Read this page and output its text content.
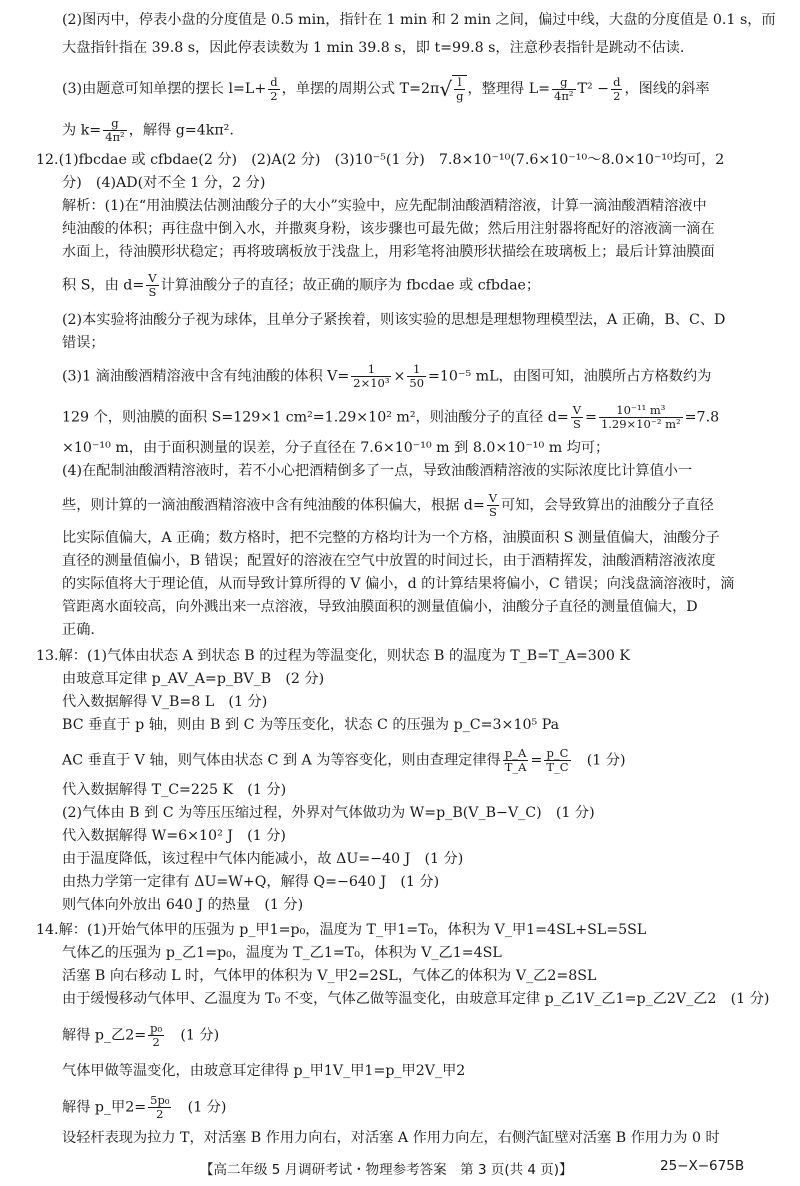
(2)图丙中，停表小盘的分度值是 0.5 min，指针在 1 min 和 2 min 之间，偏过中线，大盘的分度值是 0.1 s，而
大盘指针指在 39.8 s，因此停表读数为 1 min 39.8 s，即 t=99.8 s，注意秒表指针是跳动不估读.
(3)由题意可知单摆的摆长 $l=L+ \frac{d}{2}$ ，单摆的周期公式 $T=2\pi√ \frac{l}{g}$ ，整理得 $L= \frac{g}{\text{4π²}} T^2 - \frac{d}{2}$ ，图线的斜率
为 $k= \frac{g}{\text{4π²}}$ ，解得 g=4kπ².
12.(1)fbcdae 或 cfbdae(2 分)　(2)A(2 分)　(3)10⁻⁵(1 分)　7.8×10⁻¹⁰(7.6×10⁻¹⁰～8.0×10⁻¹⁰均可，2
分)　(4)AD(对不全 1 分，2 分)
解析：(1)在“用油膜法估测油酸分子的大小”实验中，应先配制油酸酒精溶液，计算一滴油酸酒精溶液中
纯油酸的体积；再往盘中倒入水，并撒爽身粉，该步骤也可最先做；然后用注射器将配好的溶液滴一滴在
水面上，待油膜形状稳定；再将玻璃板放于浅盘上，用彩笔将油膜形状描绘在玻璃板上；最后计算油膜面
积 S，由 $d= \frac{V}{S}$ 计算油酸分子的直径；故正确的顺序为 fbcdae 或 cfbdae；
(2)本实验将油酸分子视为球体，且单分子紧挨着，则该实验的思想是理想物理模型法，A 正确，B、C、D
错误；
(3)1 滴油酸酒精溶液中含有纯油酸的体积 $V= \frac{1}{\text{2×10³}} \times \frac{1}{50} =10^{-5}$ mL，由图可知，油膜所占方格数约为
129 个，则油膜的面积 S=129×1 cm²=1.29×10² m²，则油酸分子的直径 $d= \frac{V}{S} = \frac{\text{10⁻¹¹ m³}}{\text{1.29×10⁻² m²}} =7.8$
×10⁻¹⁰ m，由于面积测量的误差，分子直径在 7.6×10⁻¹⁰ m 到 8.0×10⁻¹⁰ m 均可；
(4)在配制油酸酒精溶液时，若不小心把酒精倒多了一点，导致油酸酒精溶液的实际浓度比计算值小一
些，则计算的一滴油酸酒精溶液中含有纯油酸的体积偏大，根据 $d= \frac{V}{S}$ 可知，会导致算出的油酸分子直径
比实际值偏大，A 正确；数方格时，把不完整的方格均计为一个方格，油膜面积 S 测量值偏大，油酸分子
直径的测量值偏小，B 错误；配置好的溶液在空气中放置的时间过长，由于酒精挥发，油酸酒精溶液浓度
的实际值将大于理论值，从而导致计算所得的 V 偏小，d 的计算结果将偏小，C 错误；向浅盘滴溶液时，滴
管距离水面较高，向外溅出来一点溶液，导致油膜面积的测量值偏小，油酸分子直径的测量值偏大，D
正确.
13.解：(1)气体由状态 A 到状态 B 的过程为等温变化，则状态 B 的温度为 T_B=T_A=300 K
由玻意耳定律 p_AV_A=p_BV_B　(2 分)
代入数据解得 V_B=8 L　(1 分)
BC 垂直于 p 轴，则由 B 到 C 为等压变化，状态 C 的压强为 p_C=3×10⁵ Pa
AC 垂直于 V 轴，则气体由状态 C 到 A 为等容变化，则由查理定律得 $\frac{p\_A}{T\_A} = \frac{p\_C}{T\_C}$ 　(1 分)
代入数据解得 T_C=225 K　(1 分)
(2)气体由 B 到 C 为等压压缩过程，外界对气体做功为 W=p_B(V_B−V_C)　(1 分)
代入数据解得 W=6×10² J　(1 分)
由于温度降低，该过程中气体内能减小，故 ΔU=−40 J　(1 分)
由热力学第一定律有 ΔU=W+Q，解得 Q=−640 J　(1 分)
则气体向外放出 640 J 的热量　(1 分)
14.解：(1)开始气体甲的压强为 p_甲1=p₀，温度为 T_甲1=T₀，体积为 V_甲1=4SL+SL=5SL
气体乙的压强为 p_乙1=p₀，温度为 T_乙1=T₀，体积为 V_乙1=4SL
活塞 B 向右移动 L 时，气体甲的体积为 V_甲2=2SL，气体乙的体积为 V_乙2=8SL
由于缓慢移动气体甲、乙温度为 T₀ 不变，气体乙做等温变化，由玻意耳定律 p_乙1V_乙1=p_乙2V_乙2　(1 分)
解得 p_乙$2= \frac{\text{p₀}}{2}$ 　(1 分)
气体甲做等温变化，由玻意耳定律得 p_甲1V_甲1=p_甲2V_甲2
解得 p_甲$2= \frac{\text{5p₀}}{2}$ 　(1 分)
设轻杆表现为拉力 T，对活塞 B 作用力向右，对活塞 A 作用力向左，右侧汽缸壁对活塞 B 作用力为 0 时
【高二年级 5 月调研考试・物理参考答案　第 3 页(共 4 页)】	25−X−675B
